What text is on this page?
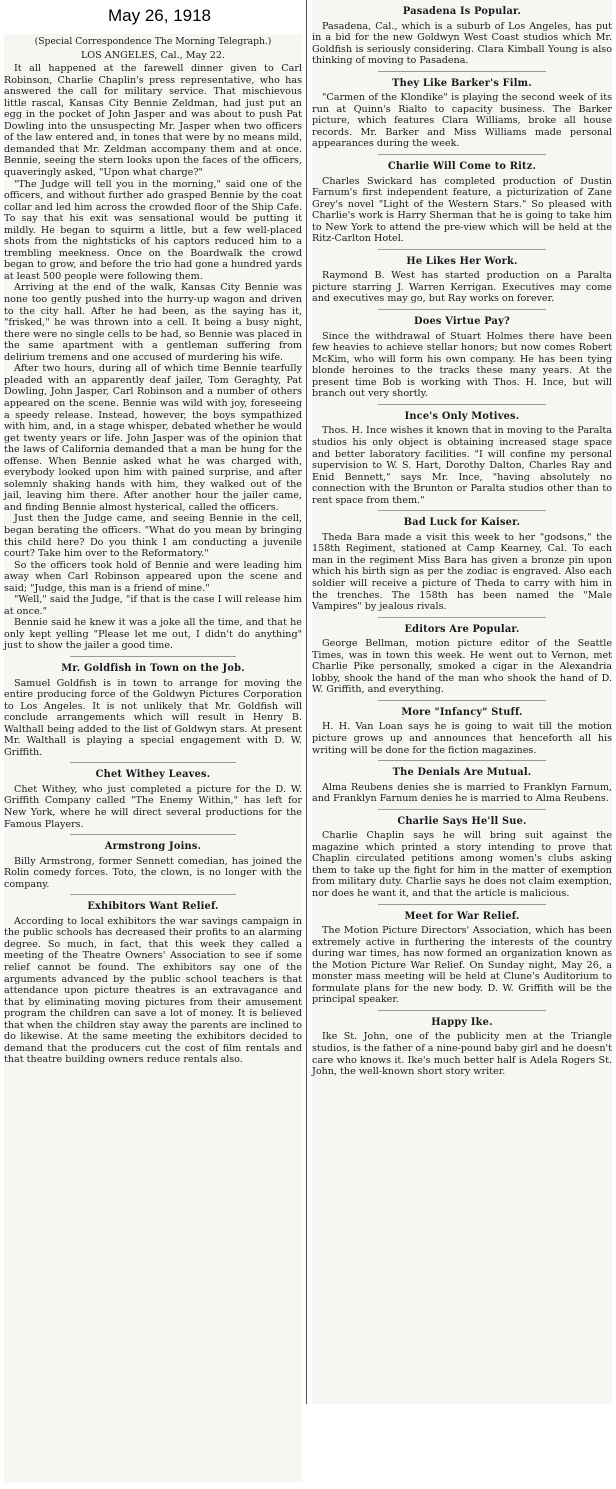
May 26, 1918
(Special Correspondence The Morning Telegraph.)
LOS ANGELES, Cal., May 22.

It all happened at the farewell dinner given to Carl Robinson, Charlie Chaplin's press representative, who has answered the call for military service. That mischievous little rascal, Kansas City Bennie Zeldman, had just put an egg in the pocket of John Jasper and was about to push Pat Dowling into the unsuspecting Mr. Jasper when two officers of the law entered and, in tones that were by no means mild, demanded that Mr. Zeldman accompany them and at once. Bennie, seeing the stern looks upon the faces of the officers, quaveringly asked, "Upon what charge?"

"The Judge will tell you in the morning," said one of the officers, and without further ado grasped Bennie by the coat collar and led him across the crowded floor of the Ship Cafe. To say that his exit was sensational would be putting it mildly. He began to squirm a little, but a few well-placed shots from the nightsticks of his captors reduced him to a trembling meekness. Once on the Boardwalk the crowd began to grow, and before the trio had gone a hundred yards at least 500 people were following them.

Arriving at the end of the walk, Kansas City Bennie was none too gently pushed into the hurry-up wagon and driven to the city hall. After he had been, as the saying has it, "frisked," he was thrown into a cell. It being a busy night, there were no single cells to be had, so Bennie was placed in the same apartment with a gentleman suffering from delirium tremens and one accused of murdering his wife.

After two hours, during all of which time Bennie tearfully pleaded with an apparently deaf jailer, Tom Geraghty, Pat Dowling, John Jasper, Carl Robinson and a number of others appeared on the scene. Bennie was wild with joy, foreseeing a speedy release. Instead, however, the boys sympathized with him, and, in a stage whisper, debated whether he would get twenty years or life. John Jasper was of the opinion that the laws of California demanded that a man be hung for the offense. When Bennie asked what he was charged with, everybody looked upon him with pained surprise, and after solemnly shaking hands with him, they walked out of the jail, leaving him there. After another hour the jailer came, and finding Bennie almost hysterical, called the officers.

Just then the Judge came, and seeing Bennie in the cell, began berating the officers. "What do you mean by bringing this child here? Do you think I am conducting a juvenile court? Take him over to the Reformatory."

So the officers took hold of Bennie and were leading him away when Carl Robinson appeared upon the scene and said; "Judge, this man is a friend of mine."

"Well," said the Judge, "if that is the case I will release him at once."

Bennie said he knew it was a joke all the time, and that he only kept yelling "Please let me out, I didn't do anything" just to show the jailer a good time.

Mr. Goldfish in Town on the Job.

Samuel Goldfish is in town to arrange for moving the entire producing force of the Goldwyn Pictures Corporation to Los Angeles. It is not unlikely that Mr. Goldfish will conclude arrangements which will result in Henry B. Walthall being added to the list of Goldwyn stars. At present Mr. Walthall is playing a special engagement with D. W. Griffith.

Chet Withey Leaves.

Chet Withey, who just completed a picture for the D. W. Griffith Company called "The Enemy Within," has left for New York, where he will direct several productions for the Famous Players.

Armstrong Joins.

Billy Armstrong, former Sennett comedian, has joined the Rolin comedy forces. Toto, the clown, is no longer with the company.

Exhibitors Want Relief.

According to local exhibitors the war savings campaign in the public schools has decreased their profits to an alarming degree. So much, in fact, that this week they called a meeting of the Theatre Owners' Association to see if some relief cannot be found. The exhibitors say one of the arguments advanced by the public school teachers is that attendance upon picture theatres is an extravagance and that by eliminating moving pictures from their amusement program the children can save a lot of money. It is believed that when the children stay away the parents are inclined to do likewise. At the same meeting the exhibitors decided to demand that the producers cut the cost of film rentals and that theatre building owners reduce rentals also.

Pasadena Is Popular.

Pasadena, Cal., which is a suburb of Los Angeles, has put in a bid for the new Goldwyn West Coast studios which Mr. Goldfish is seriously considering. Clara Kimball Young is also thinking of moving to Pasadena.

They Like Barker's Film.

"Carmen of the Klondike" is playing the second week of its run at Quinn's Rialto to capacity business. The Barker picture, which features Clara Williams, broke all house records. Mr. Barker and Miss Williams made personal appearances during the week.

Charlie Will Come to Ritz.

Charles Swickard has completed production of Dustin Farnum's first independent feature, a picturization of Zane Grey's novel "Light of the Western Stars." So pleased with Charlie's work is Harry Sherman that he is going to take him to New York to attend the pre-view which will be held at the Ritz-Carlton Hotel.

He Likes Her Work.

Raymond B. West has started production on a Paralta picture starring J. Warren Kerrigan. Executives may come and executives may go, but Ray works on forever.

Does Virtue Pay?

Since the withdrawal of Stuart Holmes there have been few heavies to achieve stellar honors; but now comes Robert McKim, who will form his own company. He has been tying blonde heroines to the tracks these many years. At the present time Bob is working with Thos. H. Ince, but will branch out very shortly.

Ince's Only Motives.

Thos. H. Ince wishes it known that in moving to the Paralta studios his only object is obtaining increased stage space and better laboratory facilities. "I will confine my personal supervision to W. S. Hart, Dorothy Dalton, Charles Ray and Enid Bennett," says Mr. Ince, "having absolutely no connection with the Brunton or Paralta studios other than to rent space from them."

Bad Luck for Kaiser.

Theda Bara made a visit this week to her "godsons," the 158th Regiment, stationed at Camp Kearney, Cal. To each man in the regiment Miss Bara has given a bronze pin upon which his birth sign as per the zodiac is engraved. Also each soldier will receive a picture of Theda to carry with him in the trenches. The 158th has been named the "Male Vampires" by jealous rivals.

Editors Are Popular.

George Bellman, motion picture editor of the Seattle Times, was in town this week. He went out to Vernon, met Charlie Pike personally, smoked a cigar in the Alexandria lobby, shook the hand of the man who shook the hand of D. W. Griffith, and everything.

More "Infancy" Stuff.

H. H. Van Loan says he is going to wait till the motion picture grows up and announces that henceforth all his writing will be done for the fiction magazines.

The Denials Are Mutual.

Alma Reubens denies she is married to Franklyn Farnum, and Franklyn Farnum denies he is married to Alma Reubens.

Charlie Says He'll Sue.

Charlie Chaplin says he will bring suit against the magazine which printed a story intending to prove that Chaplin circulated petitions among women's clubs asking them to take up the fight for him in the matter of exemption from military duty. Charlie says he does not claim exemption, nor does he want it, and that the article is malicious.

Meet for War Relief.

The Motion Picture Directors' Association, which has been extremely active in furthering the interests of the country during war times, has now formed an organization known as the Motion Picture War Relief. On Sunday night, May 26, a monster mass meeting will be held at Clune's Auditorium to formulate plans for the new body. D. W. Griffith will be the principal speaker.

Happy Ike.

Ike St. John, one of the publicity men at the Triangle studios, is the father of a nine-pound baby girl and he doesn't care who knows it. Ike's much better half is Adela Rogers St. John, the well-known short story writer.
